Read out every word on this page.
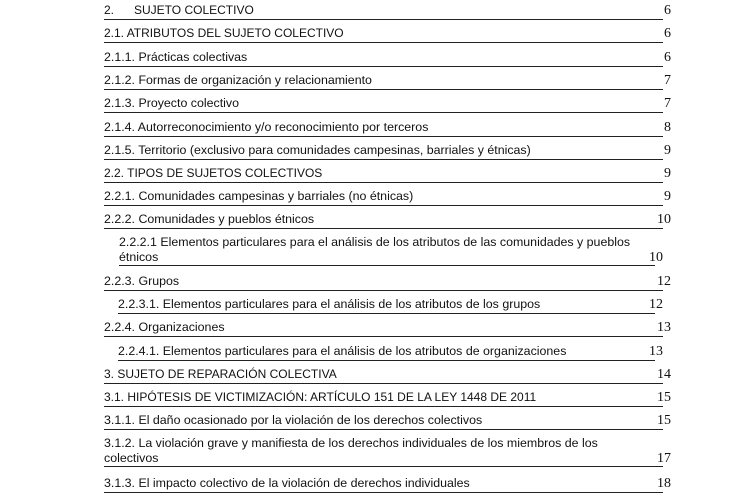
2.      SUJETO COLECTIVO	6
2.1. ATRIBUTOS DEL SUJETO COLECTIVO	6
2.1.1. Prácticas colectivas	6
2.1.2. Formas de organización y relacionamiento	7
2.1.3. Proyecto colectivo	7
2.1.4. Autorreconocimiento y/o reconocimiento por terceros	8
2.1.5. Territorio (exclusivo para comunidades campesinas, barriales y étnicas)	9
2.2. TIPOS DE SUJETOS COLECTIVOS	9
2.2.1. Comunidades campesinas y barriales (no étnicas)	9
2.2.2. Comunidades y pueblos étnicos	10
2.2.2.1 Elementos particulares para el análisis de los atributos de las comunidades y pueblos
étnicos	10
2.2.3. Grupos	12
2.2.3.1. Elementos particulares para el análisis de los atributos de los grupos	12
2.2.4. Organizaciones	13
2.2.4.1. Elementos particulares para el análisis de los atributos de organizaciones	13
3. SUJETO DE REPARACIÓN COLECTIVA	14
3.1. HIPÓTESIS DE VICTIMIZACIÓN: ARTÍCULO 151 DE LA LEY 1448 DE 2011	15
3.1.1. El daño ocasionado por la violación de los derechos colectivos	15
3.1.2. La violación grave y manifiesta de los derechos individuales de los miembros de los
colectivos	17
3.1.3. El impacto colectivo de la violación de derechos individuales	18
